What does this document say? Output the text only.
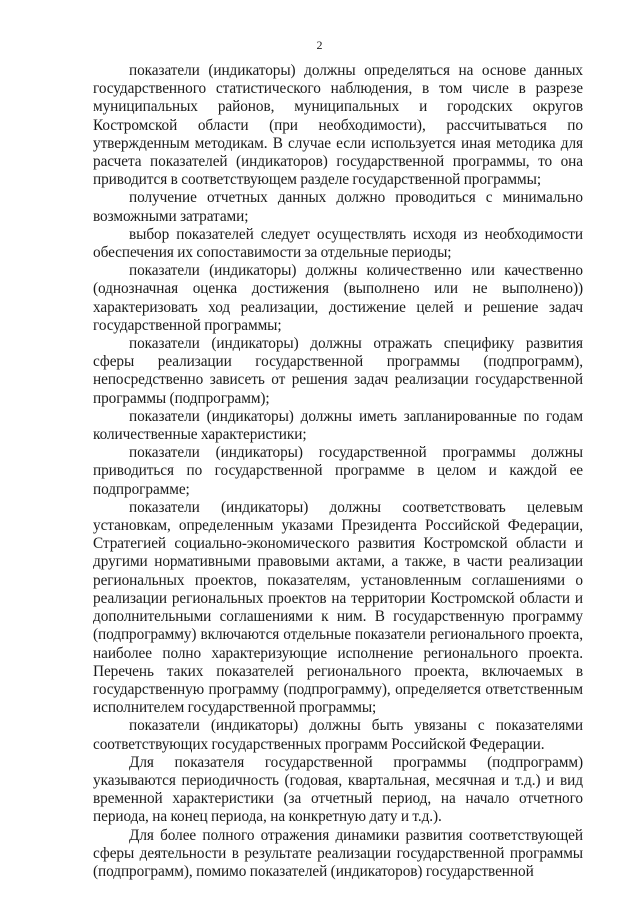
2

показатели (индикаторы) должны определяться на основе данных государственного статистического наблюдения, в том числе в разрезе муниципальных районов, муниципальных и городских округов Костромской области (при необходимости), рассчитываться по утвержденным методикам. В случае если используется иная методика для расчета показателей (индикаторов) государственной программы, то она приводится в соответствующем разделе государственной программы;

получение отчетных данных должно проводиться с минимально возможными затратами;

выбор показателей следует осуществлять исходя из необходимости обеспечения их сопоставимости за отдельные периоды;

показатели (индикаторы) должны количественно или качественно (однозначная оценка достижения (выполнено или не выполнено)) характеризовать ход реализации, достижение целей и решение задач государственной программы;

показатели (индикаторы) должны отражать специфику развития сферы реализации государственной программы (подпрограмм), непосредственно зависеть от решения задач реализации государственной программы (подпрограмм);

показатели (индикаторы) должны иметь запланированные по годам количественные характеристики;

показатели (индикаторы) государственной программы должны приводиться по государственной программе в целом и каждой ее подпрограмме;

показатели (индикаторы) должны соответствовать целевым установкам, определенным указами Президента Российской Федерации, Стратегией социально-экономического развития Костромской области и другими нормативными правовыми актами, а также, в части реализации региональных проектов, показателям, установленным соглашениями о реализации региональных проектов на территории Костромской области и дополнительными соглашениями к ним. В государственную программу (подпрограмму) включаются отдельные показатели регионального проекта, наиболее полно характеризующие исполнение регионального проекта. Перечень таких показателей регионального проекта, включаемых в государственную программу (подпрограмму), определяется ответственным исполнителем государственной программы;

показатели (индикаторы) должны быть увязаны с показателями соответствующих государственных программ Российской Федерации.

Для показателя государственной программы (подпрограмм) указываются периодичность (годовая, квартальная, месячная и т.д.) и вид временной характеристики (за отчетный период, на начало отчетного периода, на конец периода, на конкретную дату и т.д.).

Для более полного отражения динамики развития соответствующей сферы деятельности в результате реализации государственной программы (подпрограмм), помимо показателей (индикаторов) государственной
